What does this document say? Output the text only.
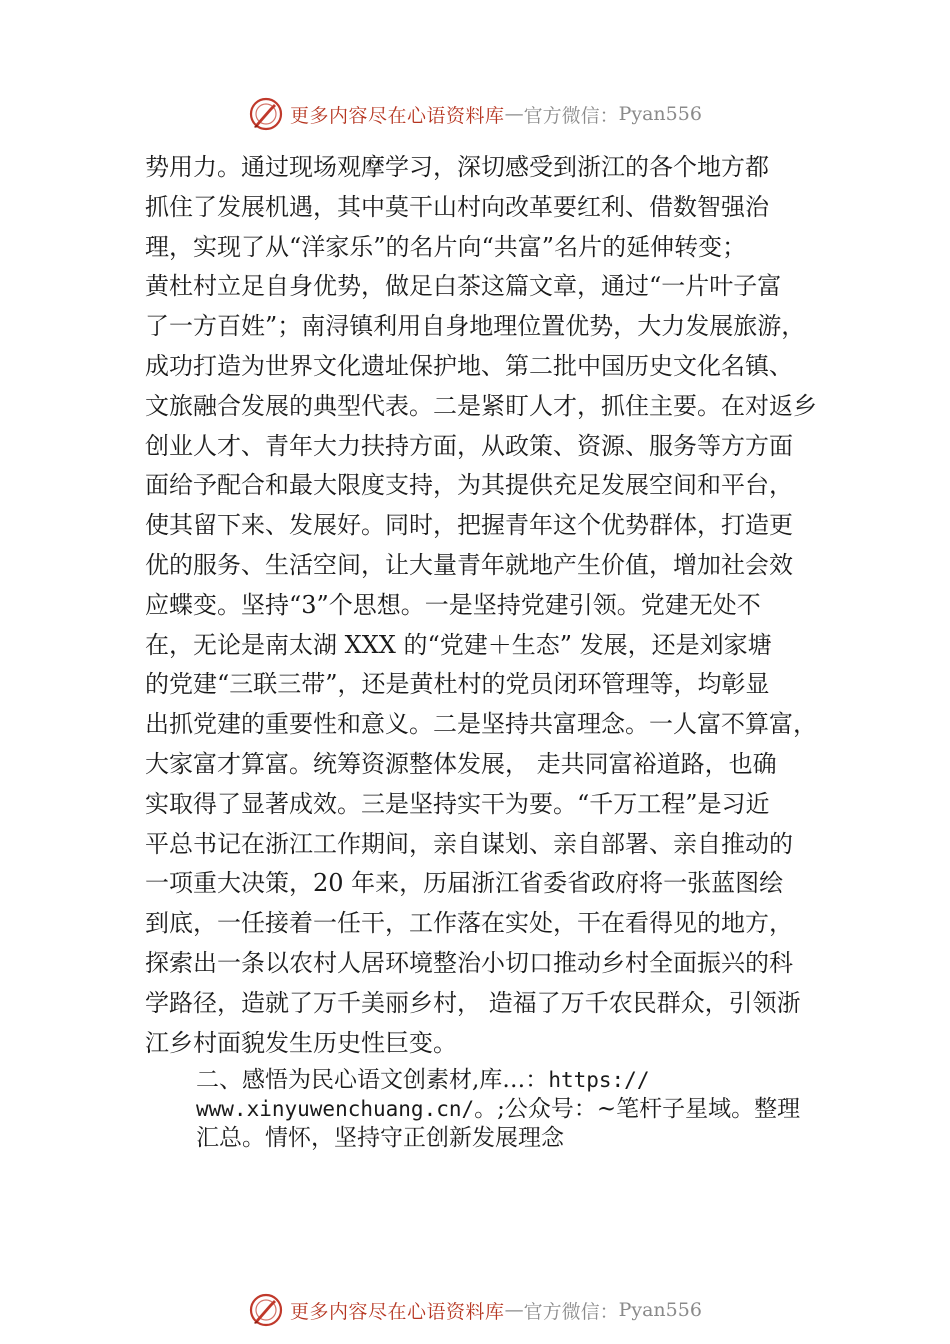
更多内容尽在心语资料库 — 官方微信： Pyan556
势用力。通过现场观摩学习，深切感受到浙江的各个地方都
抓住了发展机遇，其中莫干山村向改革要红利、借数智强治
理，实现了从“洋家乐”的名片向“共富”名片的延伸转变；
黄杜村立足自身优势，做足白茶这篇文章，通过“一片叶子富
了一方百姓”；南浔镇利用自身地理位置优势，大力发展旅游，
成功打造为世界文化遗址保护地、第二批中国历史文化名镇、
文旅融合发展的典型代表。二是紧盯人才，抓住主要。在对返乡
创业人才、青年大力扶持方面，从政策、资源、服务等方方面
面给予配合和最大限度支持，为其提供充足发展空间和平台，
使其留下来、发展好。同时，把握青年这个优势群体，打造更
优的服务、生活空间，让大量青年就地产生价值，增加社会效
应蝶变。坚持“3”个思想。一是坚持党建引领。党建无处不
在，无论是南太湖 XXX 的“党建＋生态” 发展，还是刘家塘
的党建“三联三带”，还是黄杜村的党员闭环管理等，均彰显
出抓党建的重要性和意义。二是坚持共富理念。一人富不算富，
大家富才算富。统筹资源整体发展， 走共同富裕道路，也确
实取得了显著成效。三是坚持实干为要。“千万工程”是习近
平总书记在浙江工作期间，亲自谋划、亲自部署、亲自推动的
一项重大决策，20 年来，历届浙江省委省政府将一张蓝图绘
到底，一任接着一任干，工作落在实处，干在看得见的地方，
探索出一条以农村人居环境整治小切口推动乡村全面振兴的科
学路径，造就了万千美丽乡村， 造福了万千农民群众，引领浙
江乡村面貌发生历史性巨变。
二、感悟为民心语文创素材,库…：https://
www.xinyuwenchuang.cn/。;公众号：~笔杆子星域。整理
汇总。情怀，坚持守正创新发展理念
更多内容尽在心语资料库 — 官方微信： Pyan556
